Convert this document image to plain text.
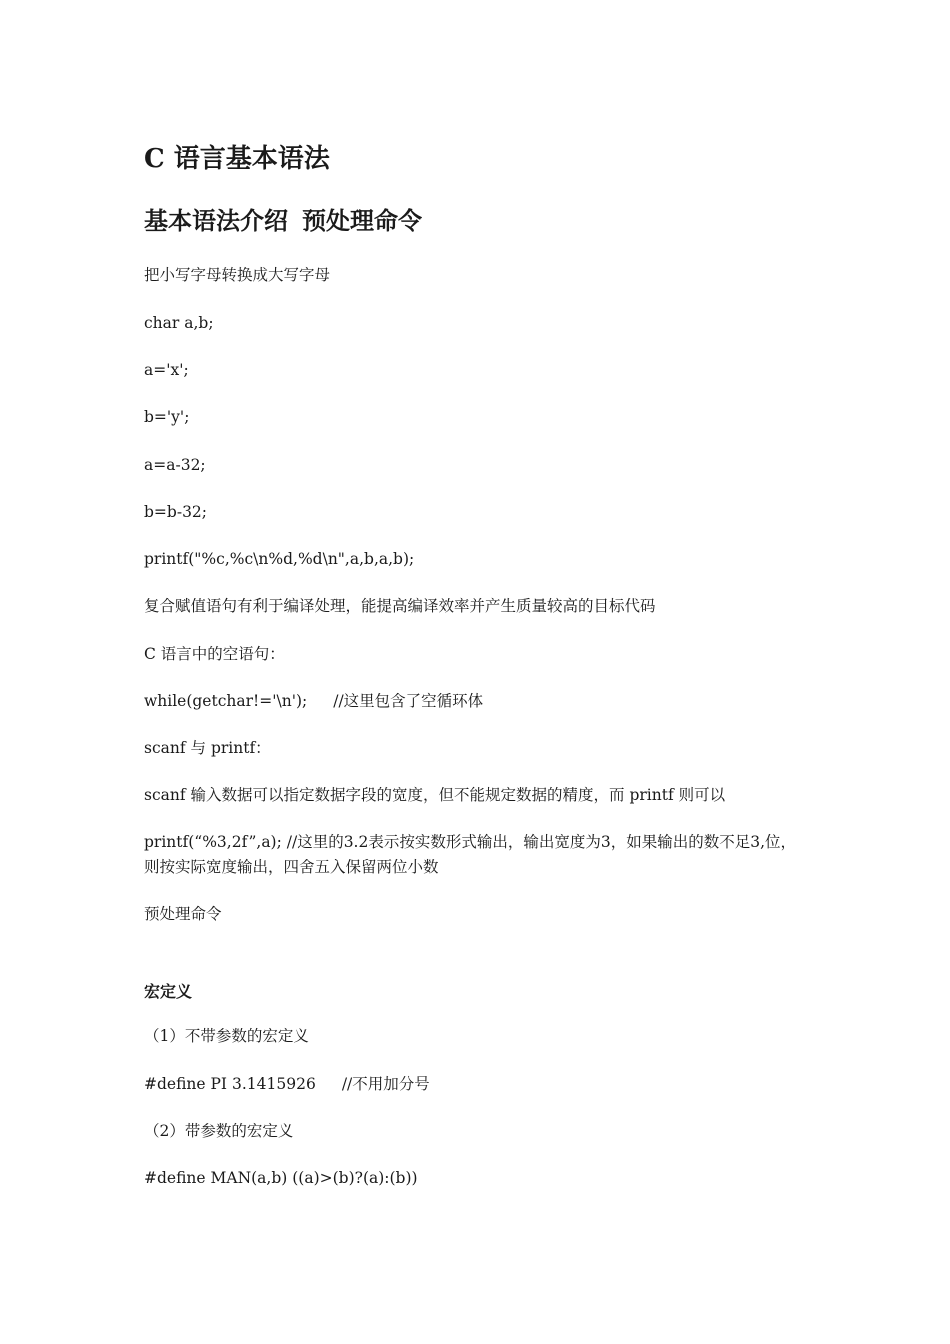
C 语言基本语法
基本语法介绍 预处理命令

把小写字母转换成大写字母

char a,b;

a='x';

b='y';

a=a-32;

b=b-32;

printf("%c,%c\n%d,%d\n",a,b,a,b);

复合赋值语句有利于编译处理，能提高编译效率并产生质量较高的目标代码

C 语言中的空语句：

while(getchar!='\n'); //这里包含了空循环体

scanf 与 printf：

scanf 输入数据可以指定数据字段的宽度，但不能规定数据的精度，而 printf 则可以

printf(“%3,2f”,a); //这里的3.2表示按实数形式输出，输出宽度为3，如果输出的数不足3,位，

则按实际宽度输出，四舍五入保留两位小数

预处理命令

宏定义

（1）不带参数的宏定义

#define PI 3.1415926 //不用加分号

（2）带参数的宏定义

#define MAN(a,b) ((a)>(b)?(a):(b))
